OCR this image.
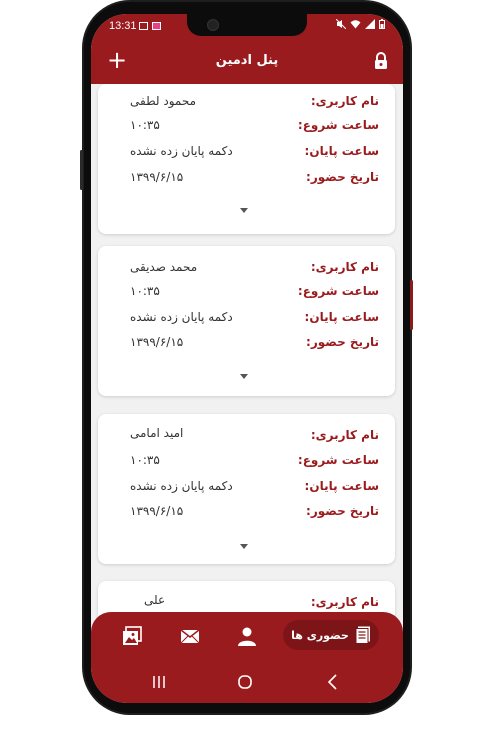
13:31
+	پنل ادمین
نام کاربری:
محمود لطفی
ساعت شروع:
۱۰:۳۵
ساعت پایان:
دکمه پایان زده نشده
تاریخ حضور:
۱۳۹۹/۶/۱۵
نام کاربری:
محمد صدیقی
ساعت شروع:
۱۰:۳۵
ساعت پایان:
دکمه پایان زده نشده
تاریخ حضور:
۱۳۹۹/۶/۱۵
نام کاربری:
امید امامی
ساعت شروع:
۱۰:۳۵
ساعت پایان:
دکمه پایان زده نشده
تاریخ حضور:
۱۳۹۹/۶/۱۵
نام کاربری:
علی
حضوری ها
